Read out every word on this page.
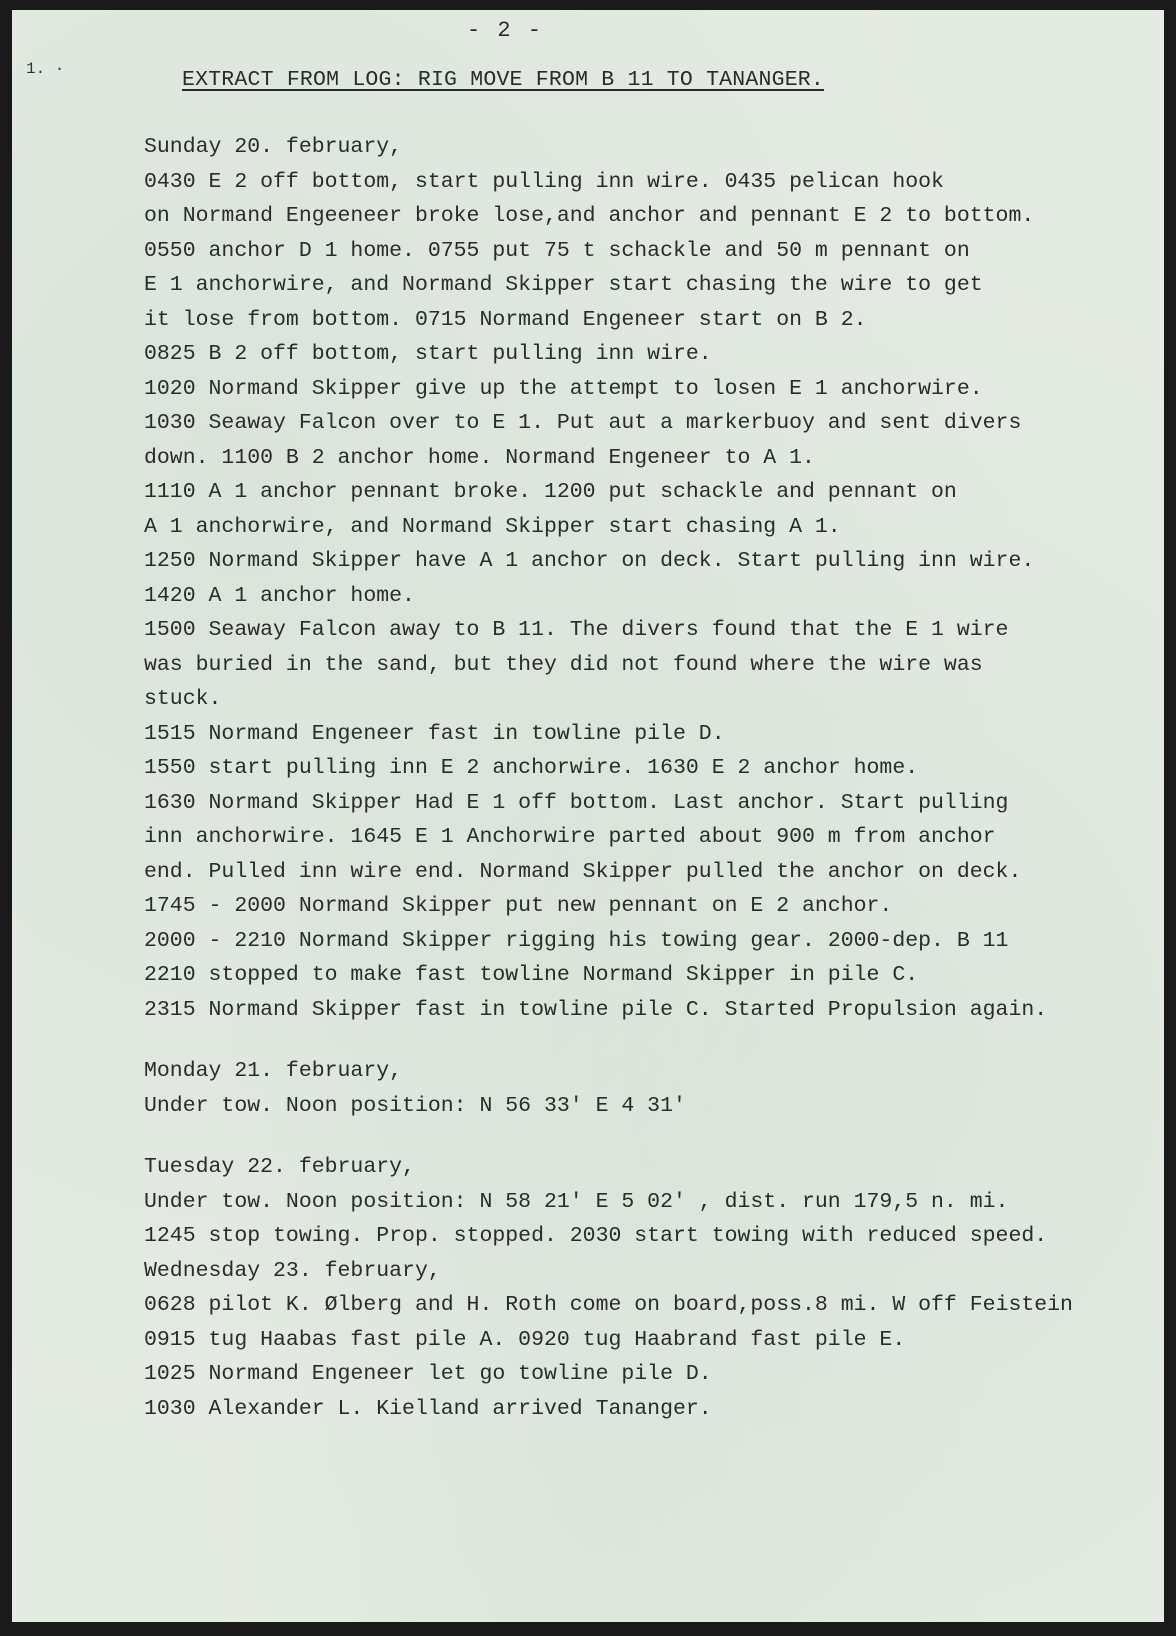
- 2 -
1. ·	EXTRACT FROM LOG: RIG MOVE FROM B 11 TO TANANGER.
Sunday 20. february,
0430 E 2 off bottom, start pulling inn wire. 0435 pelican hook
on Normand Engeeneer broke lose,and anchor and pennant E 2 to bottom.
0550 anchor D 1 home. 0755 put 75 t schackle and 50 m pennant on
E 1 anchorwire, and Normand Skipper start chasing the wire to get
it lose from bottom. 0715 Normand Engeneer start on B 2.
0825 B 2 off bottom, start pulling inn wire.
1020 Normand Skipper give up the attempt to losen E 1 anchorwire.
1030 Seaway Falcon over to E 1. Put aut a markerbuoy and sent divers
down. 1100 B 2 anchor home. Normand Engeneer to A 1.
1110 A 1 anchor pennant broke. 1200 put schackle and pennant on
A 1 anchorwire, and Normand Skipper start chasing A 1.
1250 Normand Skipper have A 1 anchor on deck. Start pulling inn wire.
1420 A 1 anchor home.
1500 Seaway Falcon away to B 11. The divers found that the E 1 wire
was buried in the sand, but they did not found where the wire was
stuck.
1515 Normand Engeneer fast in towline pile D.
1550 start pulling inn E 2 anchorwire. 1630 E 2 anchor home.
1630 Normand Skipper Had E 1 off bottom. Last anchor. Start pulling
inn anchorwire. 1645 E 1 Anchorwire parted about 900 m from anchor
end. Pulled inn wire end. Normand Skipper pulled the anchor on deck.
1745 - 2000 Normand Skipper put new pennant on E 2 anchor.
2000 - 2210 Normand Skipper rigging his towing gear. 2000-dep. B 11
2210 stopped to make fast towline Normand Skipper in pile C.
2315 Normand Skipper fast in towline pile C. Started Propulsion again.
Monday 21. february,
Under tow. Noon position: N 56 33' E 4 31'
Tuesday 22. february,
Under tow. Noon position: N 58 21' E 5 02' , dist. run 179,5 n. mi.
1245 stop towing. Prop. stopped. 2030 start towing with reduced speed.
Wednesday 23. february,
0628 pilot K. Ølberg and H. Roth come on board,poss.8 mi. W off Feistein
0915 tug Haabas fast pile A. 0920 tug Haabrand fast pile E.
1025 Normand Engeneer let go towline pile D.
1030 Alexander L. Kielland arrived Tananger.
